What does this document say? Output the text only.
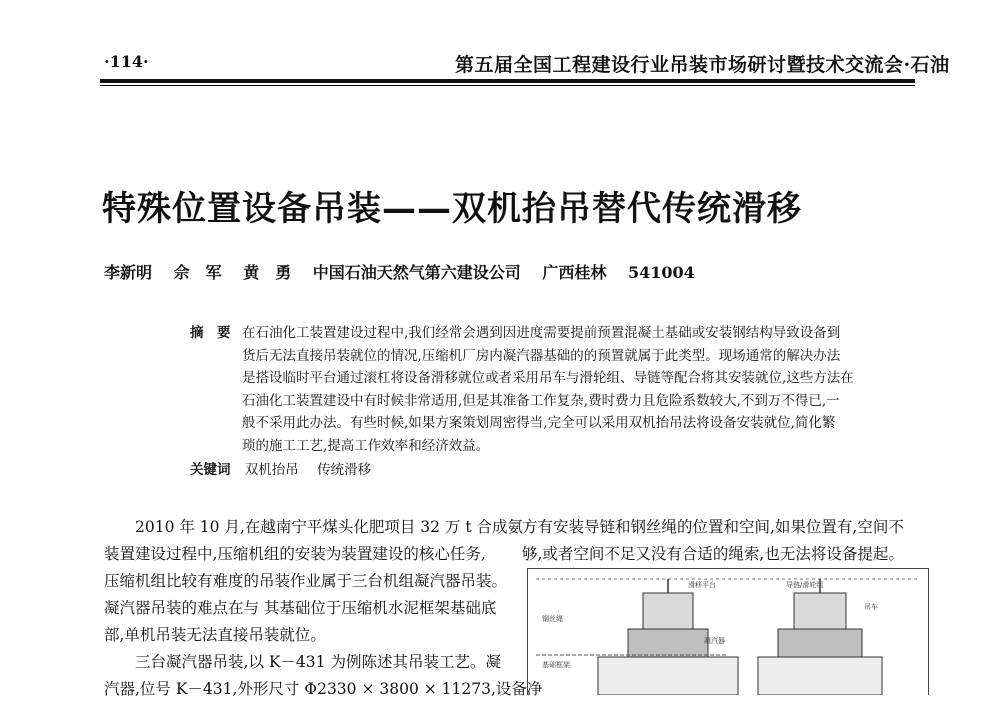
·114·	第五届全国工程建设行业吊装市场研讨暨技术交流会·石油
特殊位置设备吊装——双机抬吊替代传统滑移
李新明 佘　军 黄　勇 中国石油天然气第六建设公司 广西桂林 541004
摘　要 在石油化工装置建设过程中,我们经常会遇到因进度需要提前预置混凝土基础或安装钢结构导致设备到
货后无法直接吊装就位的情况,压缩机厂房内凝汽器基础的的预置就属于此类型。现场通常的解决办法
是搭设临时平台通过滚杠将设备滑移就位或者采用吊车与滑轮组、导链等配合将其安装就位,这些方法在
石油化工装置建设中有时候非常适用,但是其准备工作复杂,费时费力且危险系数较大,不到万不得已,一
般不采用此办法。有些时候,如果方案策划周密得当,完全可以采用双机抬吊法将设备安装就位,简化繁
琐的施工工艺,提高工作效率和经济效益。
关键词 双机抬吊 传统滑移
　　2010 年 10 月,在越南宁平煤头化肥项目 32 万 t 合成氨
装置建设过程中,压缩机组的安装为装置建设的核心任务,
压缩机组比较有难度的吊装作业属于三台机组凝汽器吊装。
凝汽器吊装的难点在与 其基础位于压缩机水泥框架基础底
部,单机吊装无法直接吊装就位。
　　三台凝汽器吊装,以 K－431 为例陈述其吊装工艺。凝
汽器,位号 K－431,外形尺寸 Φ2330 × 3800 × 11273,设备净
方有安装导链和钢丝绳的位置和空间,如果位置有,空间不
够,或者空间不足又没有合适的绳索,也无法将设备提起。
滑移平台	导链/滑轮组
钢丝绳
凝汽器
基础框架
吊车
